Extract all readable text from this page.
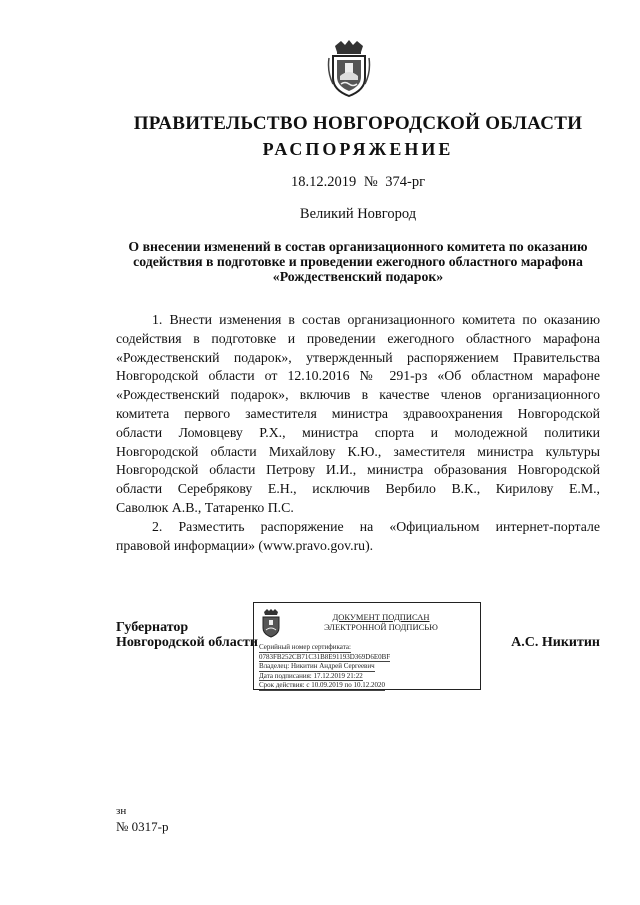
ПРАВИТЕЛЬСТВО НОВГОРОДСКОЙ ОБЛАСТИ
РАСПОРЯЖЕНИЕ
18.12.2019 № 374-рг
Великий Новгород
О внесении изменений в состав организационного комитета по оказанию
содействия в подготовке и проведении ежегодного областного марафона
«Рождественский подарок»

1. Внести изменения в состав организационного комитета по оказанию
содействия в подготовке и проведении ежегодного областного марафона
«Рождественский подарок», утвержденный распоряжением Правительства
Новгородской области от 12.10.2016 № 291-рз «Об областном марафоне
«Рождественский подарок», включив в качестве членов организационного
комитета первого заместителя министра здравоохранения Новгородской
области Ломовцеву Р.Х., министра спорта и молодежной политики
Новгородской области Михайлову К.Ю., заместителя министра культуры
Новгородской области Петрову И.И., министра образования Новгородской
области Серебрякову Е.Н., исключив Вербило В.К., Кирилову Е.М.,
Саволюк А.В., Татаренко П.С.

2. Разместить распоряжение на «Официальном интернет-портале
правовой информации» (www.pravo.gov.ru).

Губернатор
Новгородской области
ДОКУМЕНТ ПОДПИСАН
ЭЛЕКТРОННОЙ ПОДПИСЬЮ
Серийный номер сертификата:
0783FB252CB71C31B8E91193D369D6E0BF
Владелец: Никитин Андрей Сергеевич
Дата подписания: 17.12.2019 21:22
Срок действия: с 10.09.2019 по 10.12.2020
А.С. Никитин
зн
№ 0317-р
